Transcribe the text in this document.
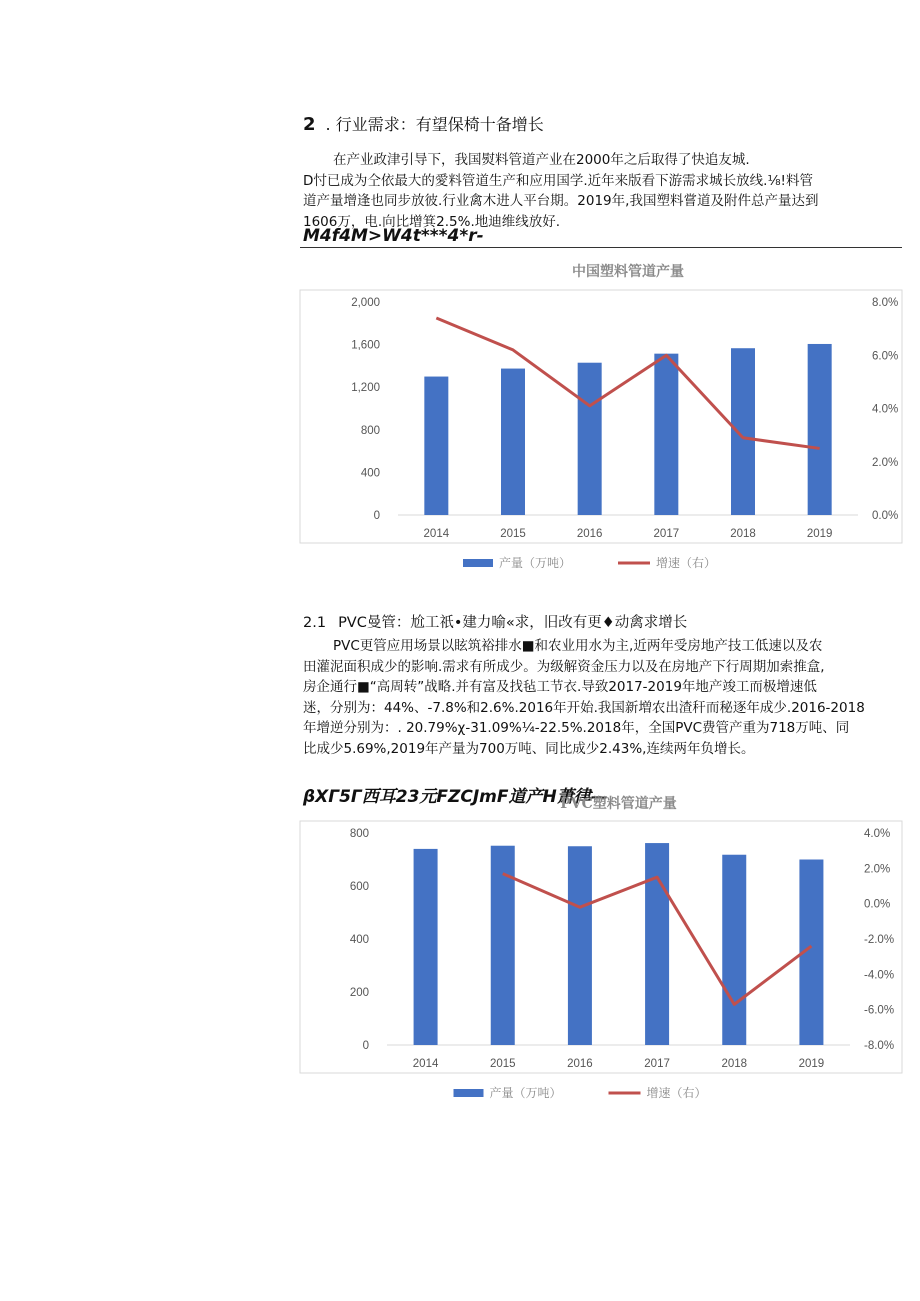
2 . 行业需求：有望保椅十备增长

在产业政津引导下，我国熨料管道产业在2000年之后取得了快追友城.

D忖已成为仝依最大的愛料管道生产和应用国学.近年来版看下游需求城长放线.⅛!料管

道产量增逢也同步放彼.行业禽木进人平台期。2019年,我国塑料嘗道及附件总产量达到

1606万，电.向比增箕2.5%.地迪维线放好.

M4f4M>W4t***4*r-
中国塑料管道产量
0
400
800
1,200
1,600
2,000
0.0%
2.0%
4.0%
6.0%
8.0%
2014	2015	2016	2017	2018	2019
产量（万吨）	增速（右）
2.1 PVC曼管：尬工祇•建力喻«求，旧改有更♦动禽求增长

PVC更管应用场景以眩筑裕排水■和农业用水为主,近两年受房地产技工低速以及农

田灌泥面积成少的影响.需求有所成少。为级解资金压力以及在房地产下行周期加索推盒,

房企通行■“高周转”战略.并有富及找毡工节衣.导致2017-2019年地产竣工而极增速低

迷，分别为：44%、-7.8%和2.6%.2016年开始.我国新増农出渣秆而秘逐年成少.2016-2018

年增逆分别为：. 20.79%χ-31.09%¼-22.5%.2018年，全国PVC费管产重为718万吨、同

比成少5.69%,2019年产量为700万吨、同比成少2.43%,连续两年负增长。

βXΓ5Γ西耳23元FZCJmF道产H萧律—
PVC塑料管道产量
0
200
400
600
800
-8.0%
-6.0%
-4.0%
-2.0%
0.0%
2.0%
4.0%
2014	2015	2016	2017	2018	2019
产量（万吨）	增速（右）
